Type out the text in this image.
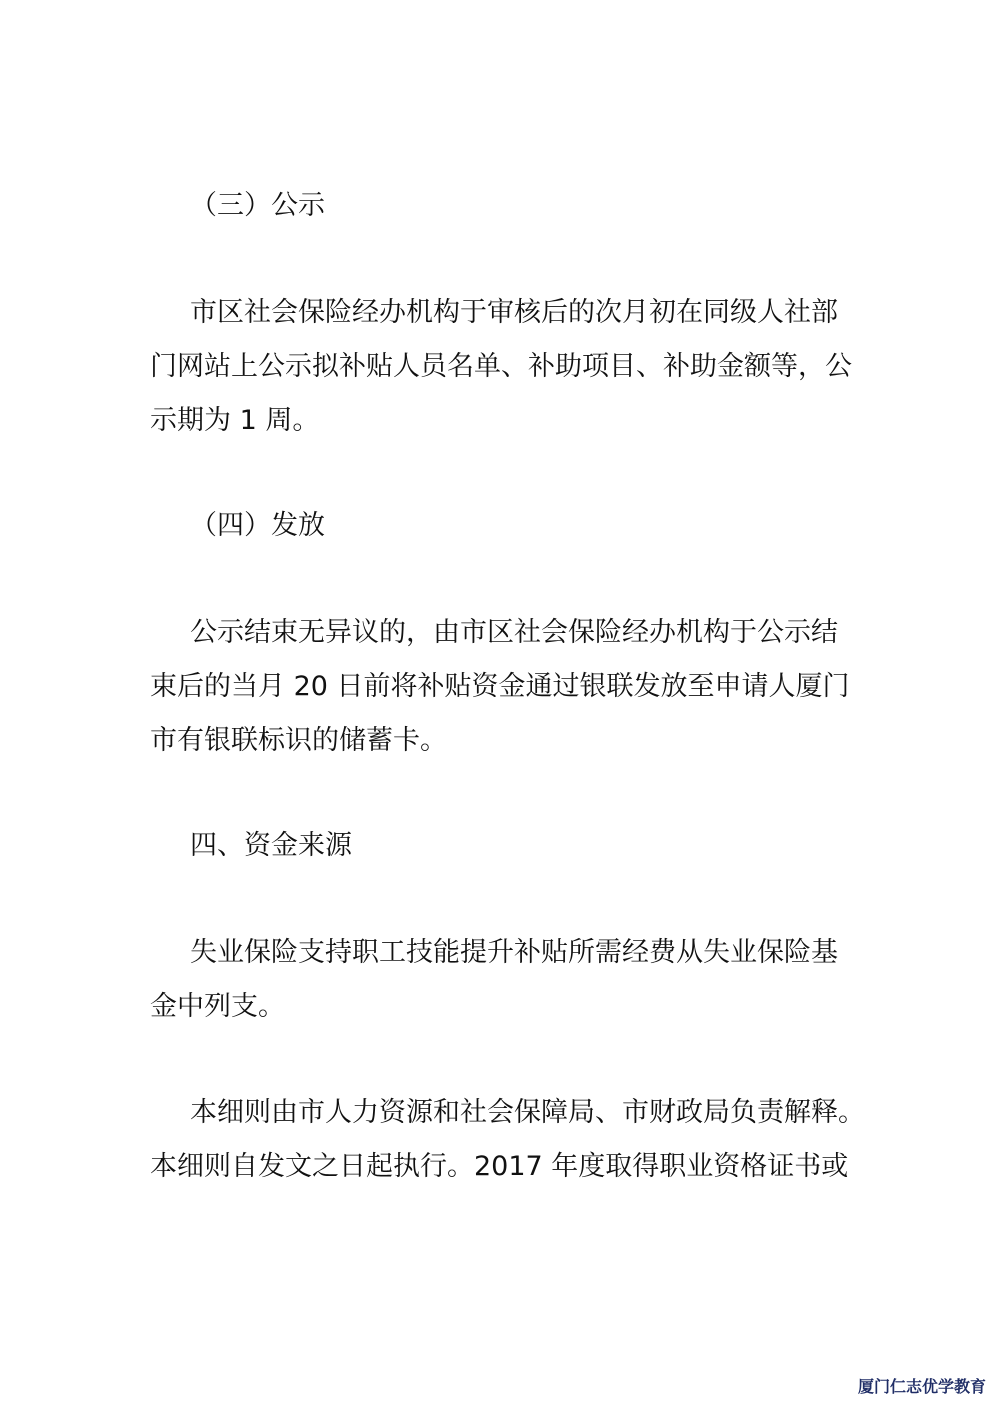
（三）公示
市区社会保险经办机构于审核后的次月初在同级人社部
门网站上公示拟补贴人员名单、补助项目、补助金额等，公
示期为 1 周。
（四）发放
公示结束无异议的，由市区社会保险经办机构于公示结
束后的当月 20 日前将补贴资金通过银联发放至申请人厦门
市有银联标识的储蓄卡。
四、资金来源
失业保险支持职工技能提升补贴所需经费从失业保险基
金中列支。
本细则由市人力资源和社会保障局、市财政局负责解释。
本细则自发文之日起执行。2017 年度取得职业资格证书或
厦门仁志优学教育
